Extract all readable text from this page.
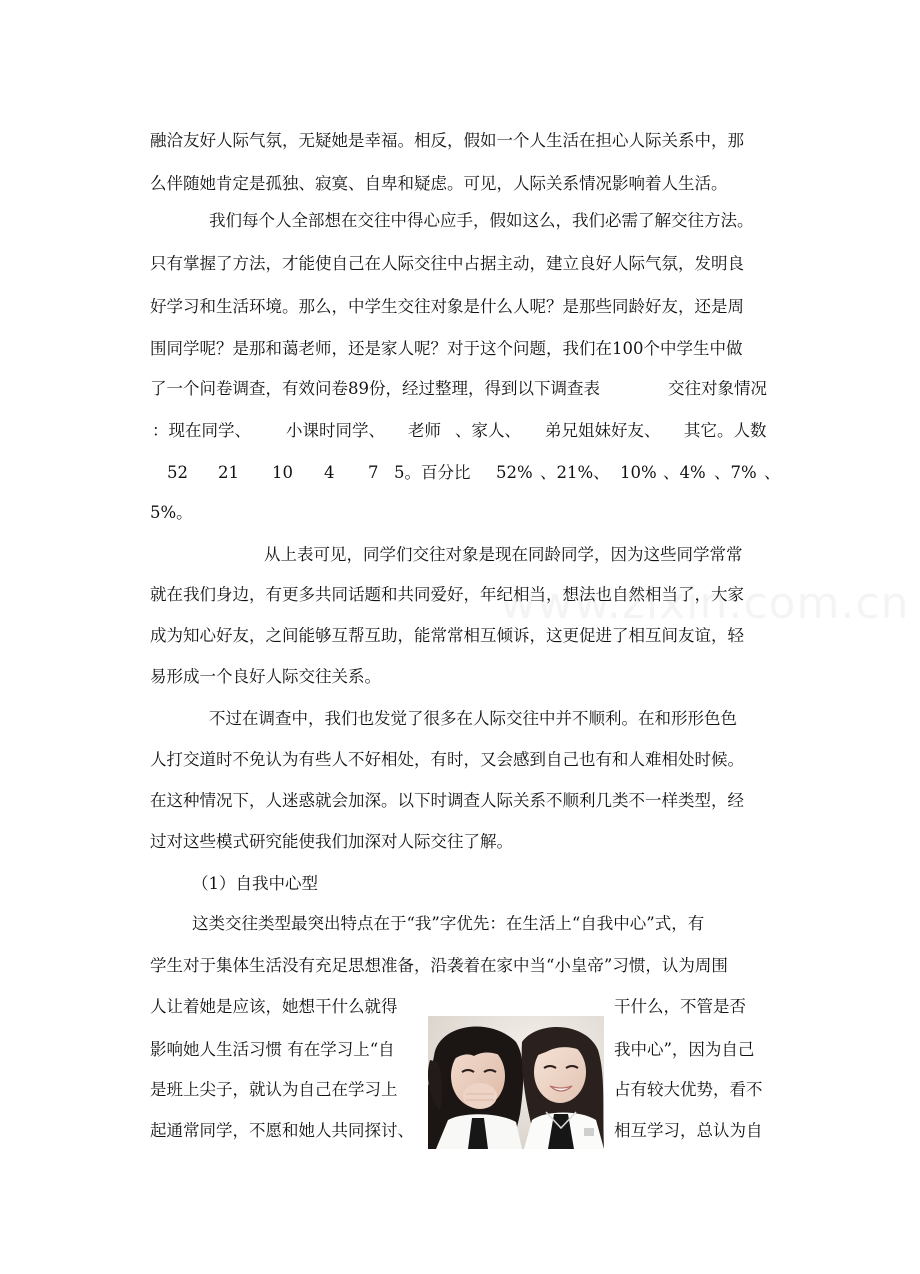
融洽友好人际气氛，无疑她是幸福。相反，假如一个人生活在担心人际关系中，那
么伴随她肯定是孤独、寂寞、自卑和疑虑。可见，人际关系情况影响着人生活。
我们每个人全部想在交往中得心应手，假如这么，我们必需了解交往方法。
只有掌握了方法，才能使自己在人际交往中占据主动，建立良好人际气氛，发明良
好学习和生活环境。那么，中学生交往对象是什么人呢？是那些同龄好友，还是周
围同学呢？是那和蔼老师，还是家人呢？对于这个问题，我们在100个中学生中做
了一个问卷调查，有效问卷89份，经过整理，得到以下调查表	交往对象情况
：现在同学、	小课时同学、	老师 、家人、	弟兄姐妹好友、	其它。人数
52	21	10	4	7 5。百分比	52% 、21%、 10% 、4% 、7% 、
5%。
从上表可见，同学们交往对象是现在同龄同学，因为这些同学常常
就在我们身边，有更多共同话题和共同爱好，年纪相当，想法也自然相当了，大家
成为知心好友，之间能够互帮互助，能常常相互倾诉，这更促进了相互间友谊，轻
易形成一个良好人际交往关系。
不过在调查中，我们也发觉了很多在人际交往中并不顺利。在和形形色色
人打交道时不免认为有些人不好相处，有时，又会感到自己也有和人难相处时候。
在这种情况下，人迷惑就会加深。以下时调查人际关系不顺利几类不一样类型，经
过对这些模式研究能使我们加深对人际交往了解。
（1）自我中心型
这类交往类型最突出特点在于“我”字优先：在生活上“自我中心”式，有
学生对于集体生活没有充足思想准备，沿袭着在家中当“小皇帝”习惯，认为周围
人让着她是应该，她想干什么就得	干什么，不管是否
影响她人生活习惯 有在学习上“自	我中心”，因为自己
是班上尖子，就认为自己在学习上	占有较大优势，看不
起通常同学，不愿和她人共同探讨、	相互学习，总认为自
